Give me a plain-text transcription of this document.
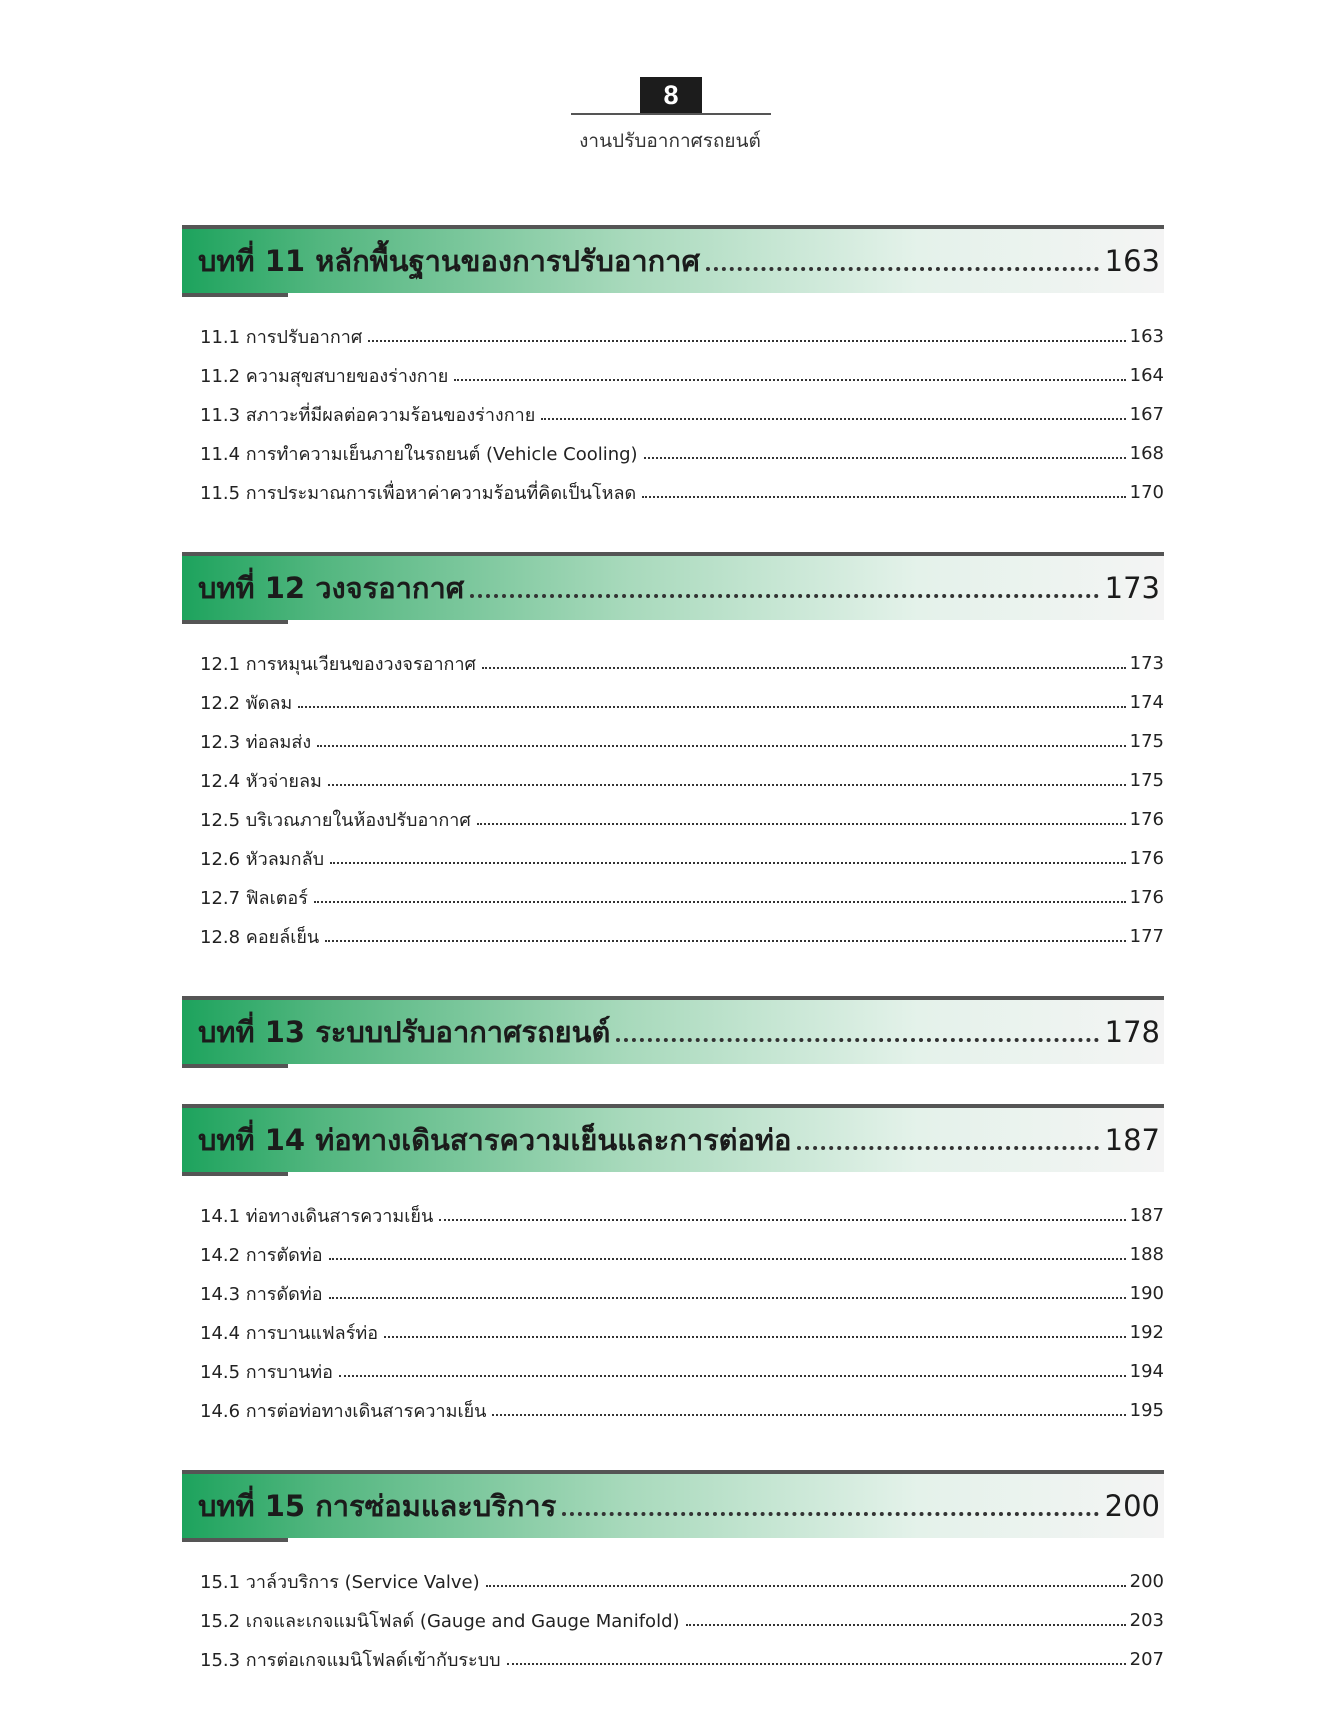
8
งานปรับอากาศรถยนต์
บทที่ 11 หลักพื้นฐานของการปรับอากาศ	163
11.1 การปรับอากาศ	163
11.2 ความสุขสบายของร่างกาย	164
11.3 สภาวะที่มีผลต่อความร้อนของร่างกาย	167
11.4 การทำความเย็นภายในรถยนต์ (Vehicle Cooling)	168
11.5 การประมาณการเพื่อหาค่าความร้อนที่คิดเป็นโหลด	170
บทที่ 12 วงจรอากาศ	173
12.1 การหมุนเวียนของวงจรอากาศ	173
12.2 พัดลม	174
12.3 ท่อลมส่ง	175
12.4 หัวจ่ายลม	175
12.5 บริเวณภายในห้องปรับอากาศ	176
12.6 หัวลมกลับ	176
12.7 ฟิลเตอร์	176
12.8 คอยล์เย็น	177
บทที่ 13 ระบบปรับอากาศรถยนต์	178
บทที่ 14 ท่อทางเดินสารความเย็นและการต่อท่อ	187
14.1 ท่อทางเดินสารความเย็น	187
14.2 การตัดท่อ	188
14.3 การดัดท่อ	190
14.4 การบานแฟลร์ท่อ	192
14.5 การบานท่อ	194
14.6 การต่อท่อทางเดินสารความเย็น	195
บทที่ 15 การซ่อมและบริการ	200
15.1 วาล์วบริการ (Service Valve)	200
15.2 เกจและเกจแมนิโฟลด์ (Gauge and Gauge Manifold)	203
15.3 การต่อเกจแมนิโฟลด์เข้ากับระบบ	207
